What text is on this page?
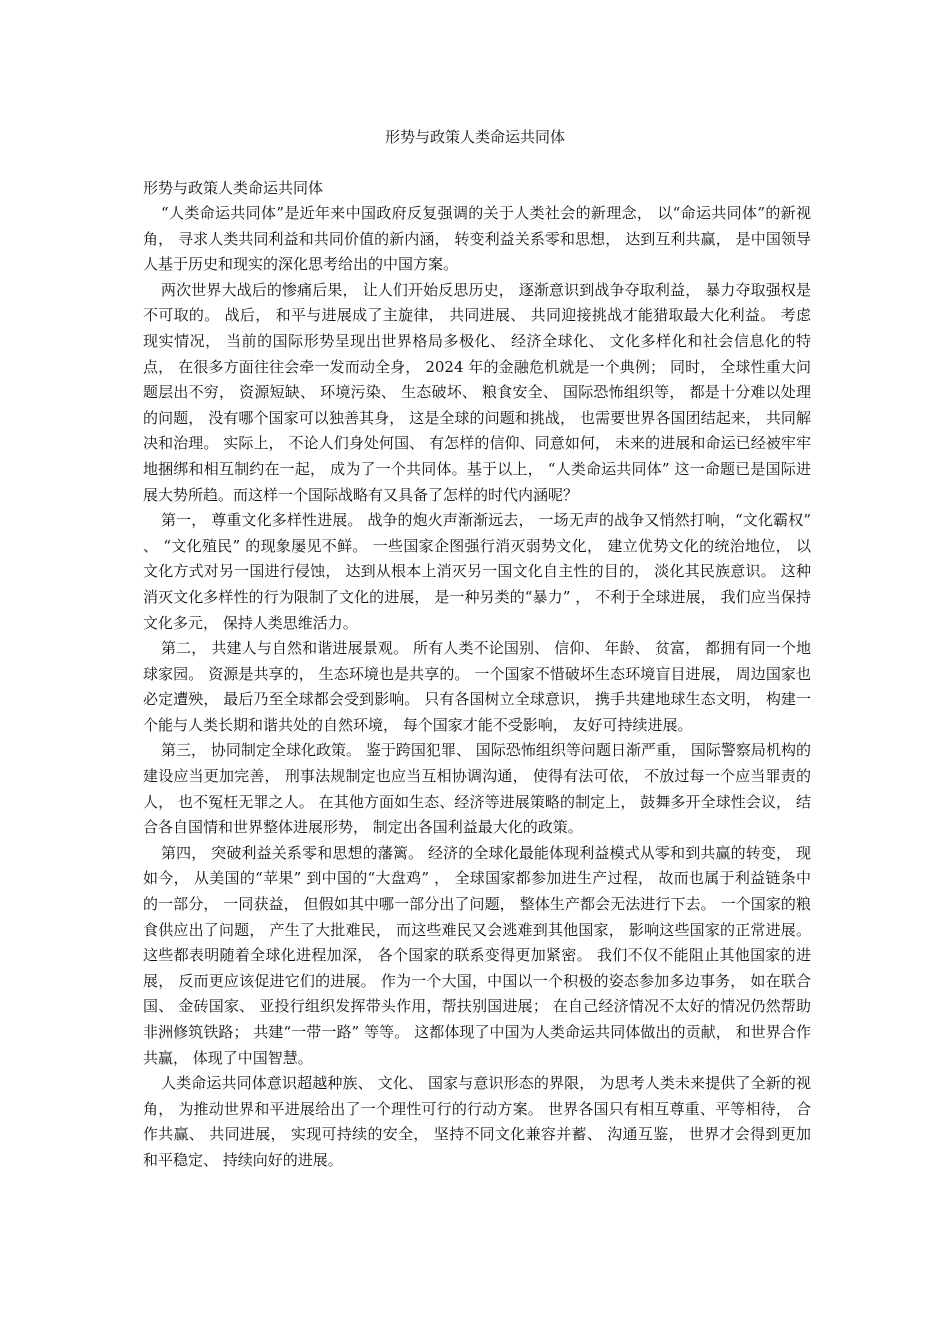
形势与政策人类命运共同体

形势与政策人类命运共同体

“人类命运共同体”是近年来中国政府反复强调的关于人类社会的新理念， 以“命运共同体”的新视角， 寻求人类共同利益和共同价值的新内涵， 转变利益关系零和思想， 达到互利共赢， 是中国领导人基于历史和现实的深化思考给出的中国方案。

两次世界大战后的惨痛后果， 让人们开始反思历史， 逐渐意识到战争夺取利益， 暴力夺取强权是不可取的。 战后， 和平与进展成了主旋律， 共同进展、 共同迎接挑战才能猎取最大化利益。 考虑现实情况， 当前的国际形势呈现出世界格局多极化、 经济全球化、 文化多样化和社会信息化的特点， 在很多方面往往会牵一发而动全身， 2024 年的金融危机就是一个典例； 同时， 全球性重大问题层出不穷， 资源短缺、 环境污染、 生态破坏、 粮食安全、 国际恐怖组织等， 都是十分难以处理的问题， 没有哪个国家可以独善其身， 这是全球的问题和挑战， 也需要世界各国团结起来， 共同解决和治理。 实际上， 不论人们身处何国、 有怎样的信仰、同意如何， 未来的进展和命运已经被牢牢地捆绑和相互制约在一起， 成为了一个共同体。基于以上， “人类命运共同体” 这一命题已是国际进展大势所趋。而这样一个国际战略有又具备了怎样的时代内涵呢？

第一， 尊重文化多样性进展。 战争的炮火声渐渐远去， 一场无声的战争又悄然打响，“文化霸权” 、 “文化殖民” 的现象屡见不鲜。 一些国家企图强行消灭弱势文化， 建立优势文化的统治地位， 以文化方式对另一国进行侵蚀， 达到从根本上消灭另一国文化自主性的目的， 淡化其民族意识。 这种消灭文化多样性的行为限制了文化的进展， 是一种另类的“暴力” ， 不利于全球进展， 我们应当保持文化多元， 保持人类思维活力。

第二， 共建人与自然和谐进展景观。 所有人类不论国别、 信仰、 年龄、 贫富， 都拥有同一个地球家园。 资源是共享的， 生态环境也是共享的。 一个国家不惜破坏生态环境盲目进展， 周边国家也必定遭殃， 最后乃至全球都会受到影响。 只有各国树立全球意识， 携手共建地球生态文明， 构建一个能与人类长期和谐共处的自然环境， 每个国家才能不受影响， 友好可持续进展。

第三， 协同制定全球化政策。 鉴于跨国犯罪、 国际恐怖组织等问题日渐严重， 国际警察局机构的建设应当更加完善， 刑事法规制定也应当互相协调沟通， 使得有法可依， 不放过每一个应当罪责的人， 也不冤枉无罪之人。 在其他方面如生态、经济等进展策略的制定上， 鼓舞多开全球性会议， 结合各自国情和世界整体进展形势， 制定出各国利益最大化的政策。

第四， 突破利益关系零和思想的藩篱。 经济的全球化最能体现利益模式从零和到共赢的转变， 现如今， 从美国的“苹果” 到中国的“大盘鸡” ， 全球国家都参加进生产过程， 故而也属于利益链条中的一部分， 一同获益， 但假如其中哪一部分出了问题， 整体生产都会无法进行下去。 一个国家的粮食供应出了问题， 产生了大批难民， 而这些难民又会逃难到其他国家， 影响这些国家的正常进展。 这些都表明随着全球化进程加深， 各个国家的联系变得更加紧密。 我们不仅不能阻止其他国家的进展， 反而更应该促进它们的进展。 作为一个大国，中国以一个积极的姿态参加多边事务， 如在联合国、 金砖国家、 亚投行组织发挥带头作用，帮扶别国进展； 在自己经济情况不太好的情况仍然帮助非洲修筑铁路； 共建“一带一路” 等等。 这都体现了中国为人类命运共同体做出的贡献， 和世界合作共赢， 体现了中国智慧。

人类命运共同体意识超越种族、 文化、 国家与意识形态的界限， 为思考人类未来提供了全新的视角， 为推动世界和平进展给出了一个理性可行的行动方案。 世界各国只有相互尊重、平等相待， 合作共赢、 共同进展， 实现可持续的安全， 坚持不同文化兼容并蓄、 沟通互鉴， 世界才会得到更加和平稳定、 持续向好的进展。
